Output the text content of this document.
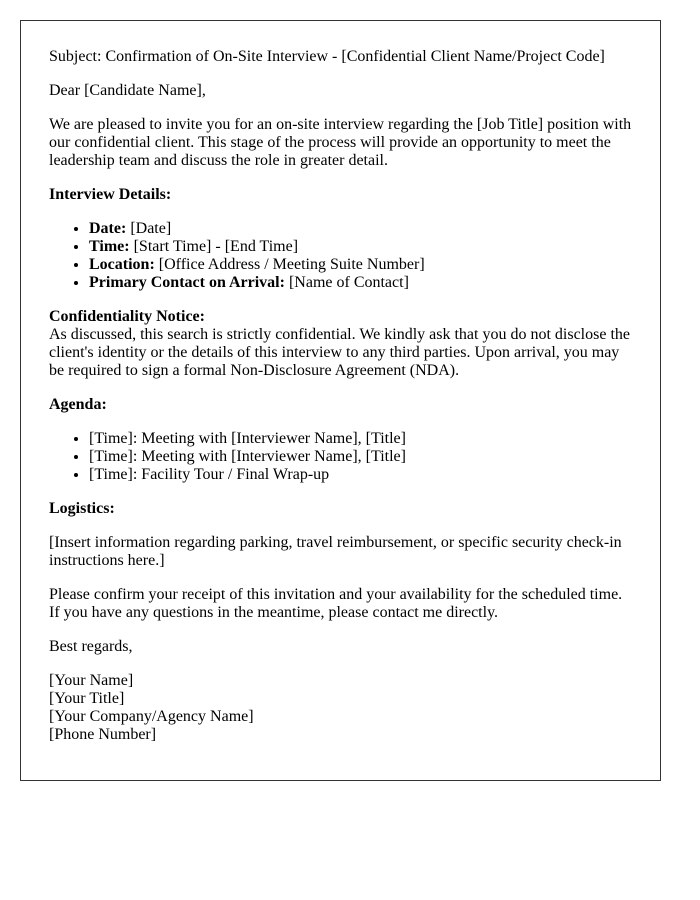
Subject: Confirmation of On-Site Interview - [Confidential Client Name/Project Code]

Dear [Candidate Name],

We are pleased to invite you for an on-site interview regarding the [Job Title] position with our confidential client. This stage of the process will provide an opportunity to meet the leadership team and discuss the role in greater detail.

Interview Details:

• Date: [Date]
• Time: [Start Time] - [End Time]
• Location: [Office Address / Meeting Suite Number]
• Primary Contact on Arrival: [Name of Contact]

Confidentiality Notice:
As discussed, this search is strictly confidential. We kindly ask that you do not disclose the client's identity or the details of this interview to any third parties. Upon arrival, you may be required to sign a formal Non-Disclosure Agreement (NDA).

Agenda:

• [Time]: Meeting with [Interviewer Name], [Title]
• [Time]: Meeting with [Interviewer Name], [Title]
• [Time]: Facility Tour / Final Wrap-up

Logistics:

[Insert information regarding parking, travel reimbursement, or specific security check-in instructions here.]

Please confirm your receipt of this invitation and your availability for the scheduled time. If you have any questions in the meantime, please contact me directly.

Best regards,

[Your Name]
[Your Title]
[Your Company/Agency Name]
[Phone Number]
